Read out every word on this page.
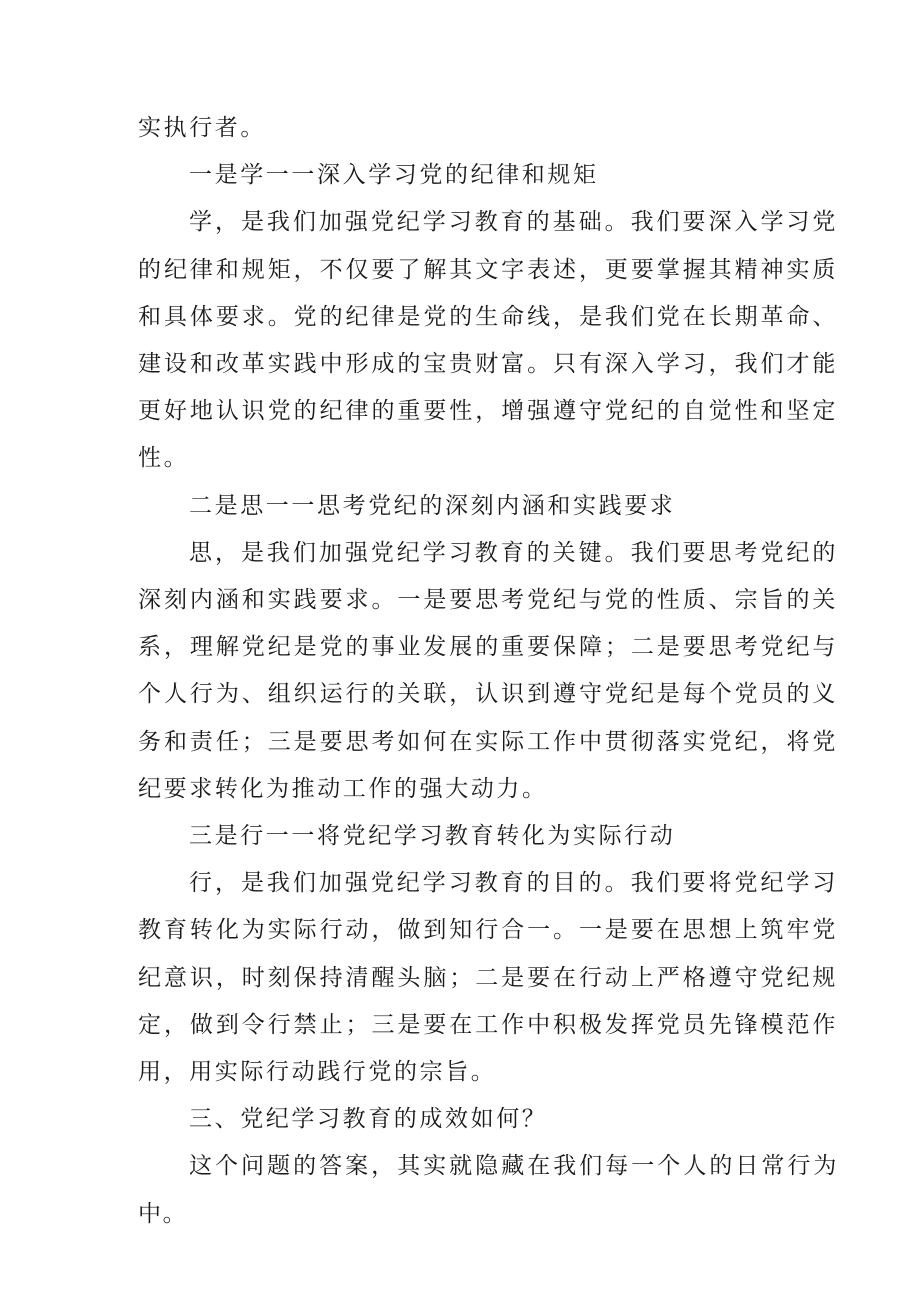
实执行者。

一是学一一深入学习党的纪律和规矩

学，是我们加强党纪学习教育的基础。我们要深入学习党的纪律和规矩，不仅要了解其文字表述，更要掌握其精神实质和具体要求。党的纪律是党的生命线，是我们党在长期革命、建设和改革实践中形成的宝贵财富。只有深入学习，我们才能更好地认识党的纪律的重要性，增强遵守党纪的自觉性和坚定性。

二是思一一思考党纪的深刻内涵和实践要求

思，是我们加强党纪学习教育的关键。我们要思考党纪的深刻内涵和实践要求。一是要思考党纪与党的性质、宗旨的关系，理解党纪是党的事业发展的重要保障；二是要思考党纪与个人行为、组织运行的关联，认识到遵守党纪是每个党员的义务和责任；三是要思考如何在实际工作中贯彻落实党纪，将党纪要求转化为推动工作的强大动力。

三是行一一将党纪学习教育转化为实际行动

行，是我们加强党纪学习教育的目的。我们要将党纪学习教育转化为实际行动，做到知行合一。一是要在思想上筑牢党纪意识，时刻保持清醒头脑；二是要在行动上严格遵守党纪规定，做到令行禁止；三是要在工作中积极发挥党员先锋模范作用，用实际行动践行党的宗旨。

三、党纪学习教育的成效如何？

这个问题的答案，其实就隐藏在我们每一个人的日常行为中。
